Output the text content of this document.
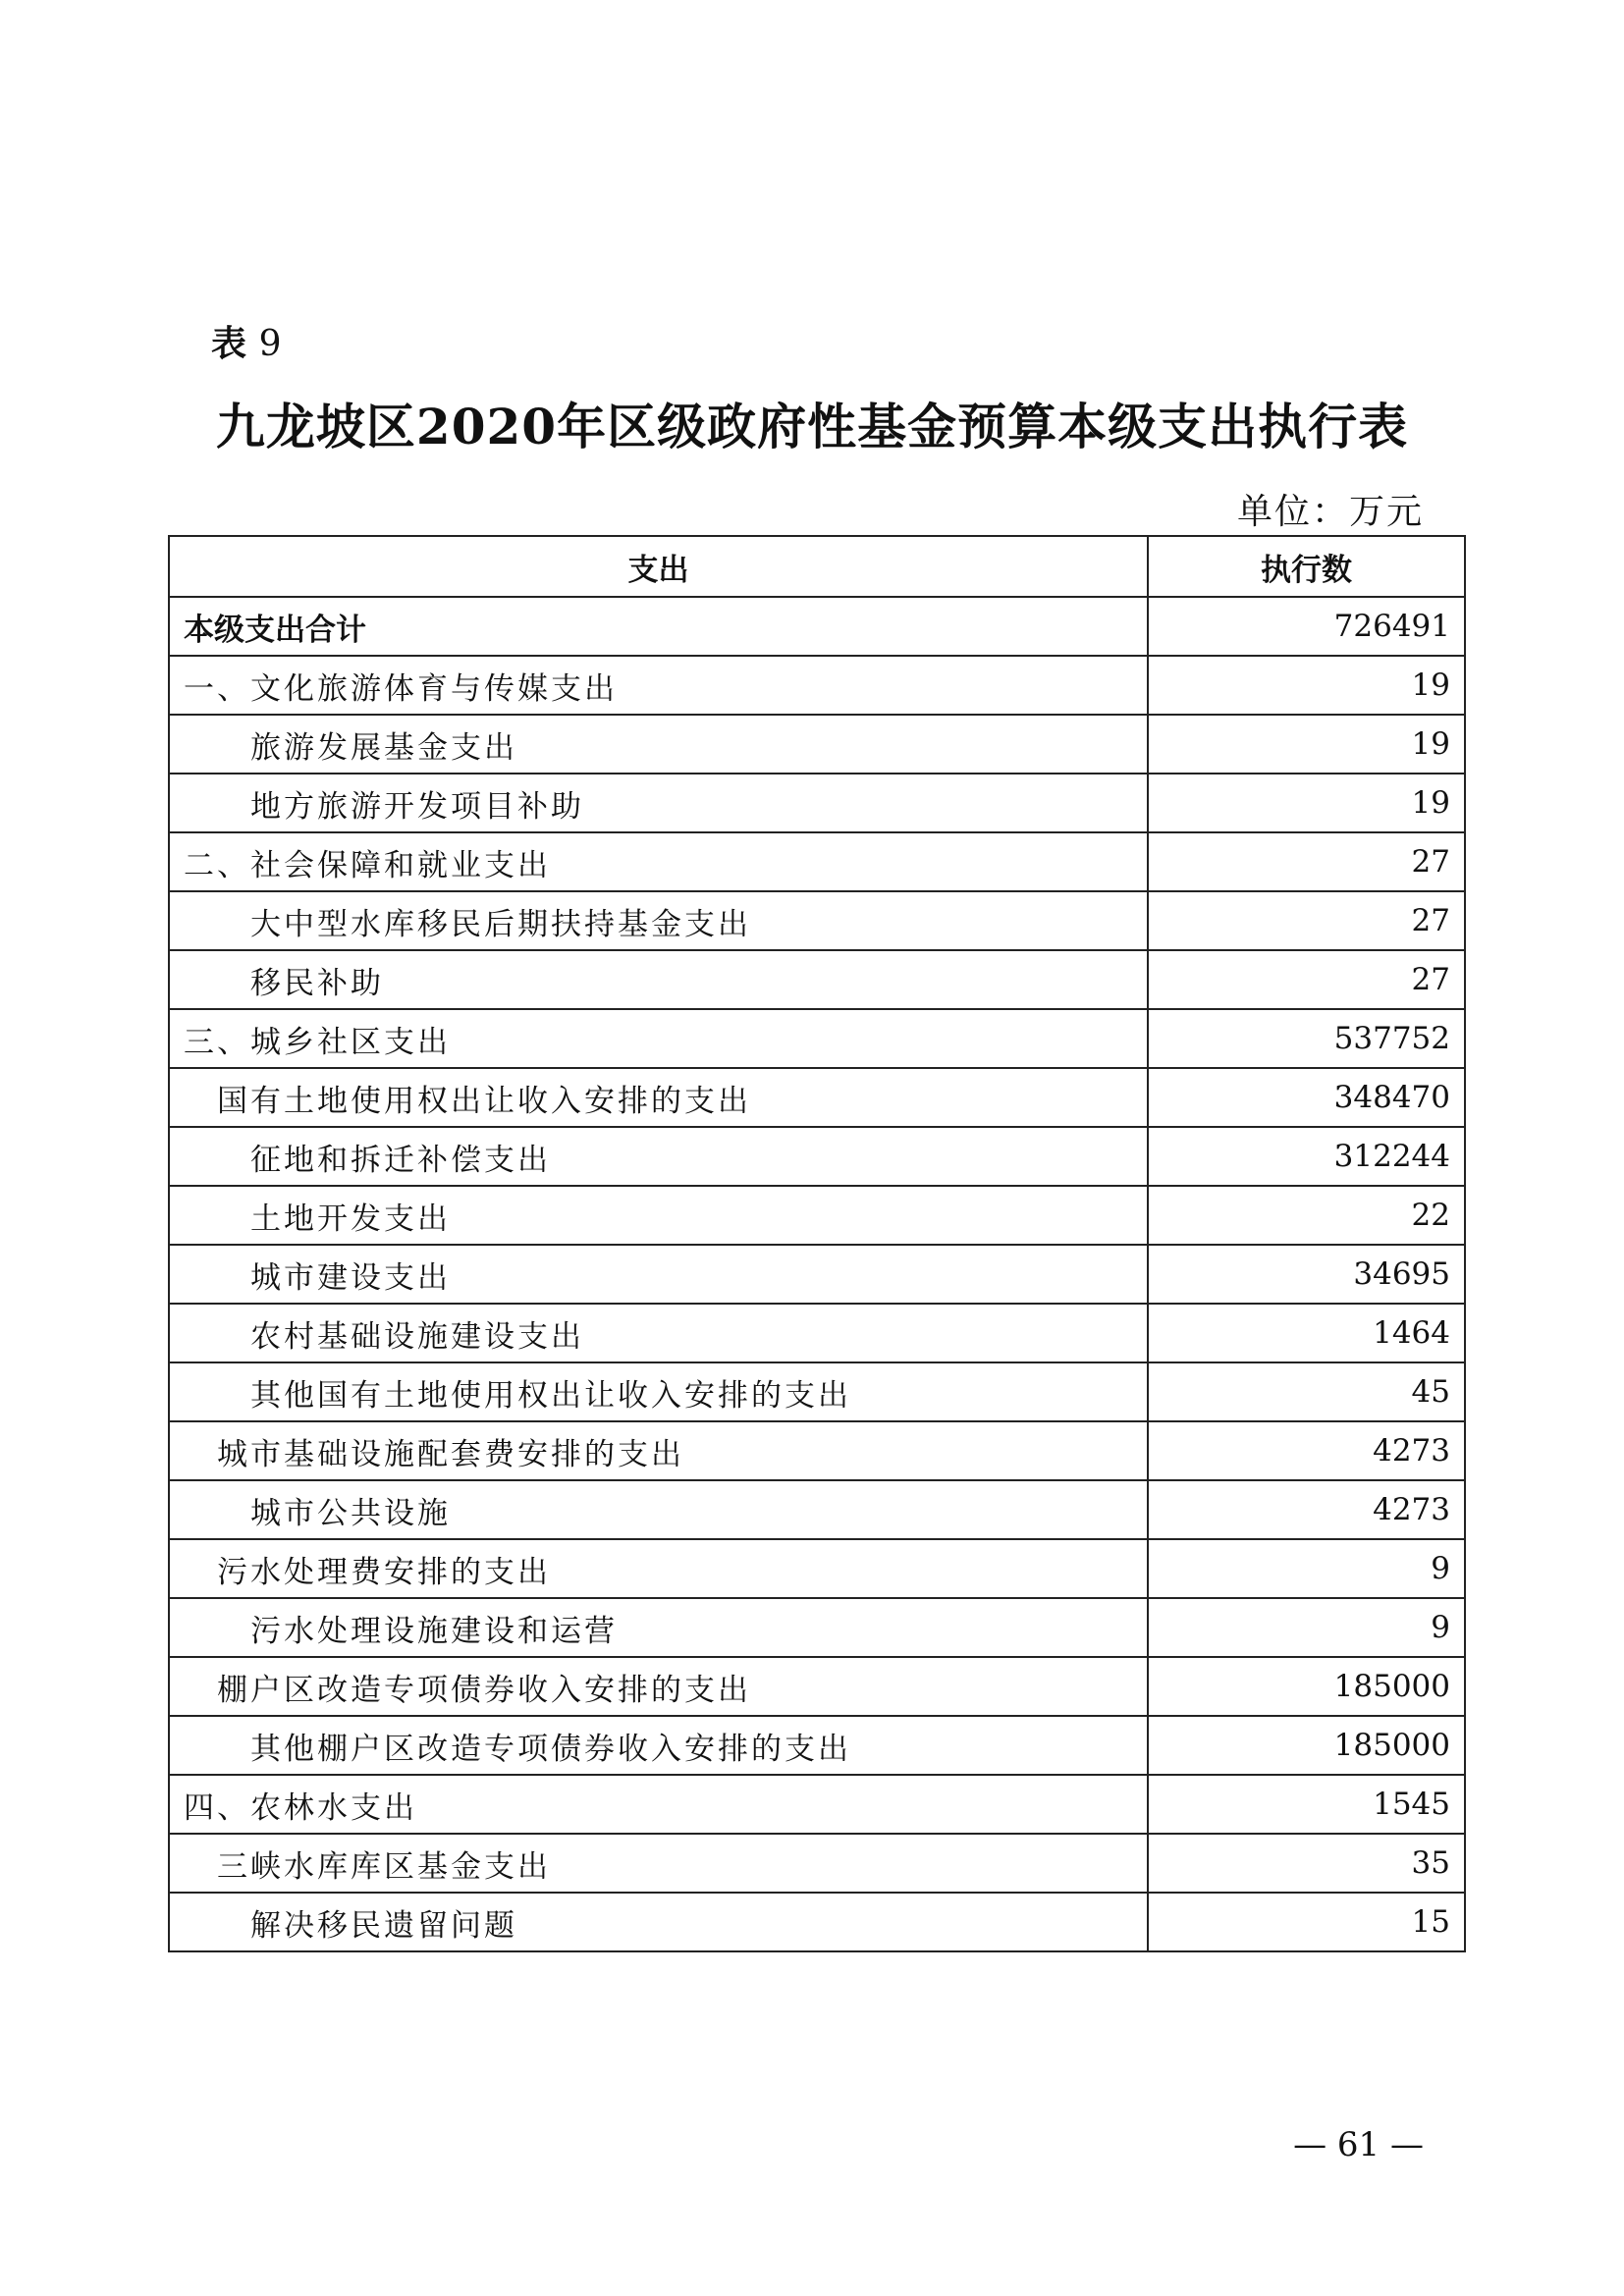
表 9
九龙坡区2020年区级政府性基金预算本级支出执行表
单位：万元
支出	执行数
本级支出合计	726491
一、文化旅游体育与传媒支出	19
旅游发展基金支出	19
地方旅游开发项目补助	19
二、社会保障和就业支出	27
大中型水库移民后期扶持基金支出	27
移民补助	27
三、城乡社区支出	537752
国有土地使用权出让收入安排的支出	348470
征地和拆迁补偿支出	312244
土地开发支出	22
城市建设支出	34695
农村基础设施建设支出	1464
其他国有土地使用权出让收入安排的支出	45
城市基础设施配套费安排的支出	4273
城市公共设施	4273
污水处理费安排的支出	9
污水处理设施建设和运营	9
棚户区改造专项债券收入安排的支出	185000
其他棚户区改造专项债券收入安排的支出	185000
四、农林水支出	1545
三峡水库库区基金支出	35
解决移民遗留问题	15
— 61 —
